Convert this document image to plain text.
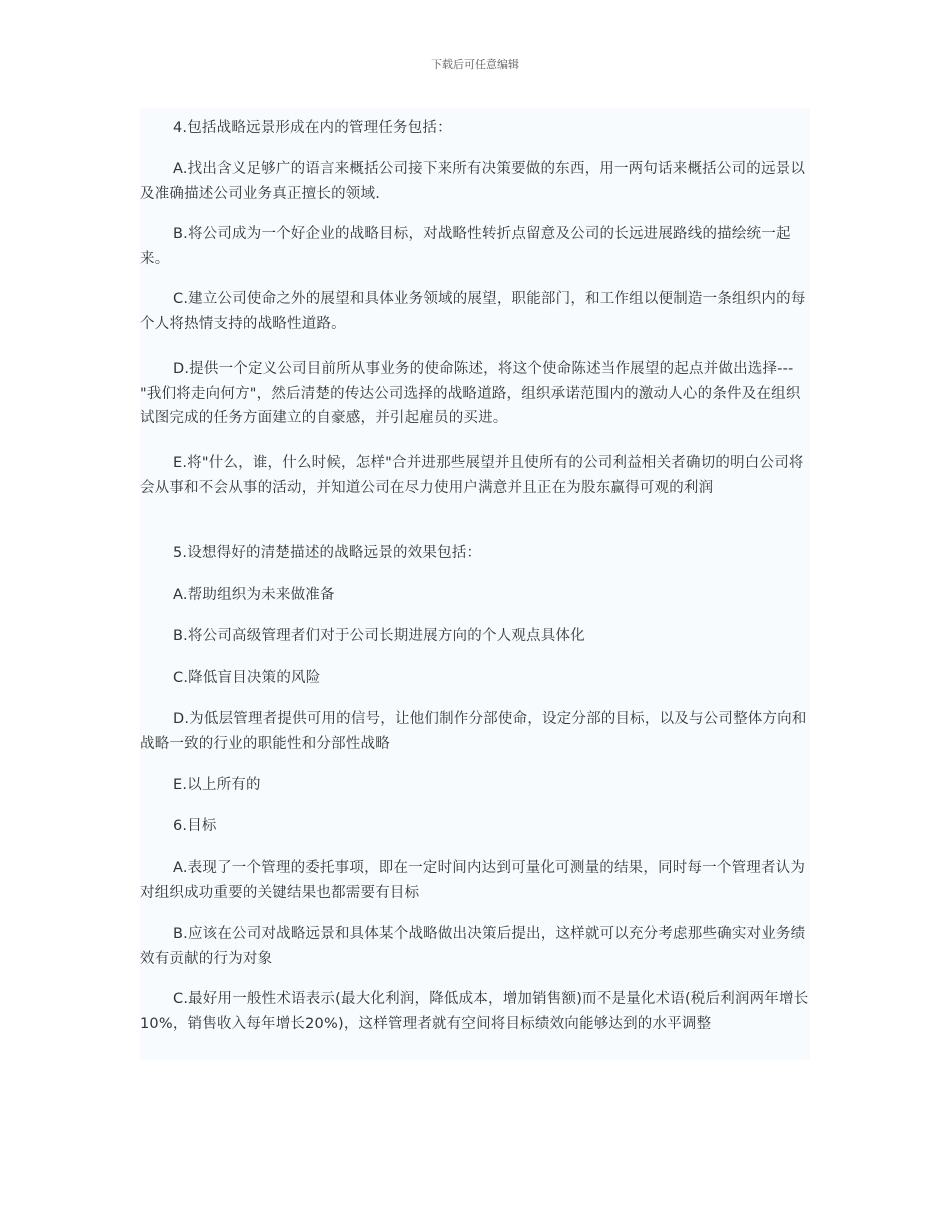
下载后可任意编辑

4.包括战略远景形成在内的管理任务包括：

A.找出含义足够广的语言来概括公司接下来所有决策要做的东西，用一两句话来概括公司的远景以及准确描述公司业务真正擅长的领域.

B.将公司成为一个好企业的战略目标，对战略性转折点留意及公司的长远进展路线的描绘统一起来。

C.建立公司使命之外的展望和具体业务领域的展望，职能部门，和工作组以便制造一条组织内的每个人将热情支持的战略性道路。

D.提供一个定义公司目前所从事业务的使命陈述，将这个使命陈述当作展望的起点并做出选择---"我们将走向何方"，然后清楚的传达公司选择的战略道路，组织承诺范围内的激动人心的条件及在组织试图完成的任务方面建立的自豪感，并引起雇员的买进。

E.将"什么，谁，什么时候，怎样"合并进那些展望并且使所有的公司利益相关者确切的明白公司将会从事和不会从事的活动，并知道公司在尽力使用户满意并且正在为股东赢得可观的利润

5.设想得好的清楚描述的战略远景的效果包括：

A.帮助组织为未来做准备

B.将公司高级管理者们对于公司长期进展方向的个人观点具体化

C.降低盲目决策的风险

D.为低层管理者提供可用的信号，让他们制作分部使命，设定分部的目标，以及与公司整体方向和战略一致的行业的职能性和分部性战略

E.以上所有的

6.目标

A.表现了一个管理的委托事项，即在一定时间内达到可量化可测量的结果，同时每一个管理者认为对组织成功重要的关键结果也都需要有目标

B.应该在公司对战略远景和具体某个战略做出决策后提出，这样就可以充分考虑那些确实对业务绩效有贡献的行为对象

C.最好用一般性术语表示(最大化利润，降低成本，增加销售额)而不是量化术语(税后利润两年增长10%，销售收入每年增长20%)，这样管理者就有空间将目标绩效向能够达到的水平调整
